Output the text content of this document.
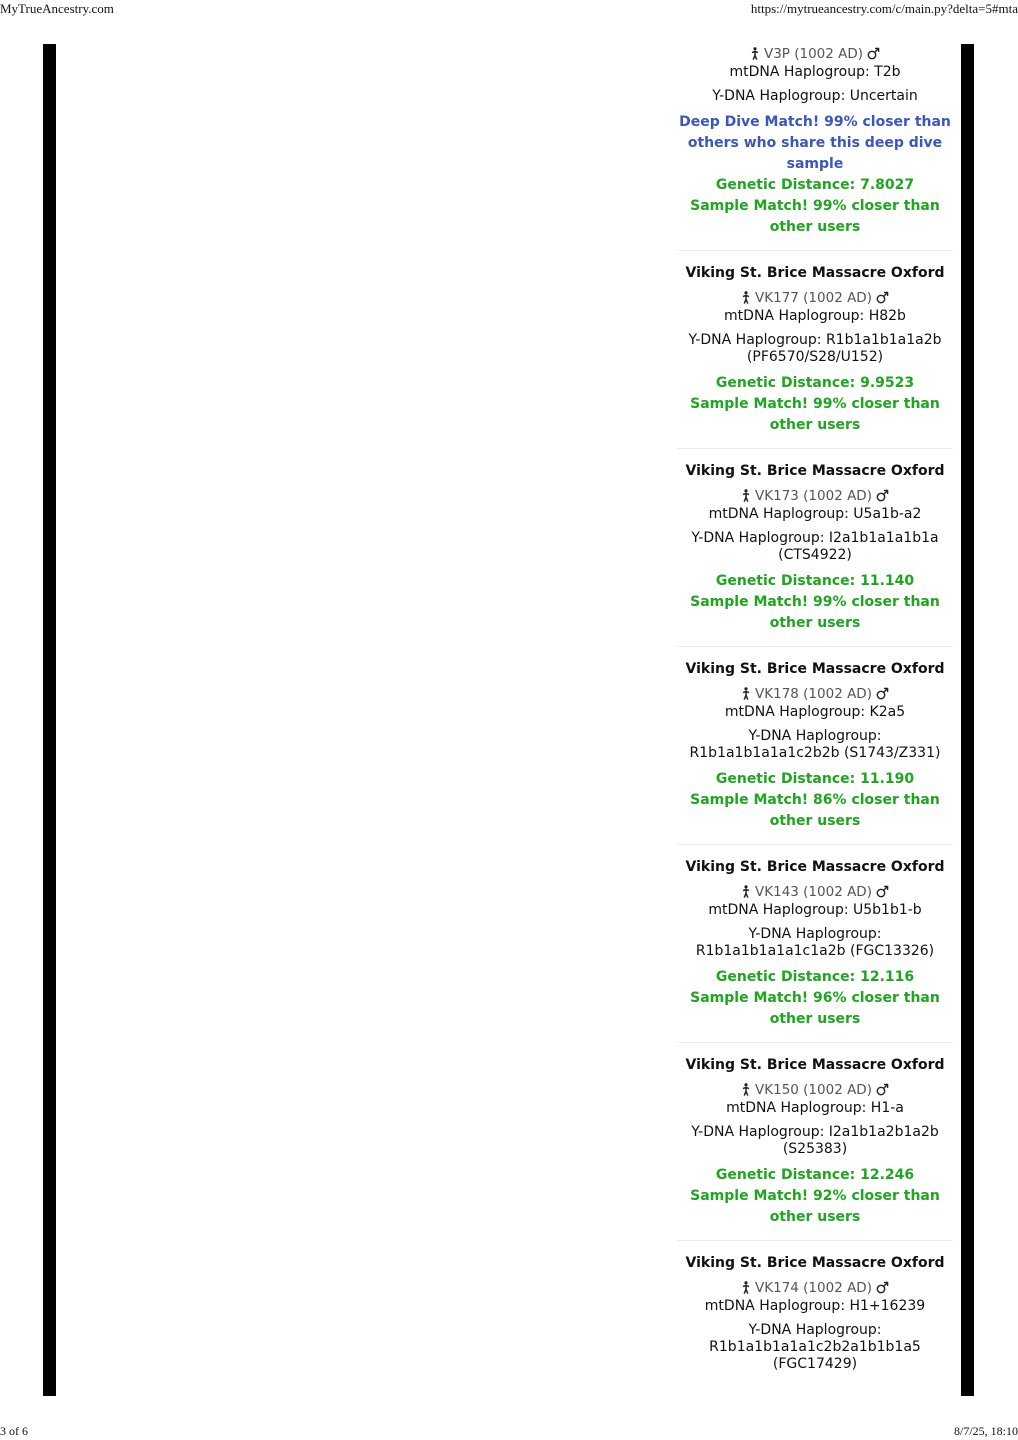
MyTrueAncestry.com	https://mytrueancestry.com/c/main.py?delta=5#mta
V3P (1002 AD)
mtDNA Haplogroup: T2b
Y-DNA Haplogroup: Uncertain
Deep Dive Match! 99% closer than others who share this deep dive sample
Genetic Distance: 7.8027
Sample Match! 99% closer than other users
Viking St. Brice Massacre Oxford
VK177 (1002 AD)
mtDNA Haplogroup: H82b
Y-DNA Haplogroup: R1b1a1b1a1a2b (PF6570/S28/U152)
Genetic Distance: 9.9523
Sample Match! 99% closer than other users
Viking St. Brice Massacre Oxford
VK173 (1002 AD)
mtDNA Haplogroup: U5a1b-a2
Y-DNA Haplogroup: I2a1b1a1a1b1a (CTS4922)
Genetic Distance: 11.140
Sample Match! 99% closer than other users
Viking St. Brice Massacre Oxford
VK178 (1002 AD)
mtDNA Haplogroup: K2a5
Y-DNA Haplogroup: R1b1a1b1a1a1c2b2b (S1743/Z331)
Genetic Distance: 11.190
Sample Match! 86% closer than other users
Viking St. Brice Massacre Oxford
VK143 (1002 AD)
mtDNA Haplogroup: U5b1b1-b
Y-DNA Haplogroup: R1b1a1b1a1a1c1a2b (FGC13326)
Genetic Distance: 12.116
Sample Match! 96% closer than other users
Viking St. Brice Massacre Oxford
VK150 (1002 AD)
mtDNA Haplogroup: H1-a
Y-DNA Haplogroup: I2a1b1a2b1a2b (S25383)
Genetic Distance: 12.246
Sample Match! 92% closer than other users
Viking St. Brice Massacre Oxford
VK174 (1002 AD)
mtDNA Haplogroup: H1+16239
Y-DNA Haplogroup: R1b1a1b1a1a1c2b2a1b1b1a5 (FGC17429)
3 of 6	8/7/25, 18:10
